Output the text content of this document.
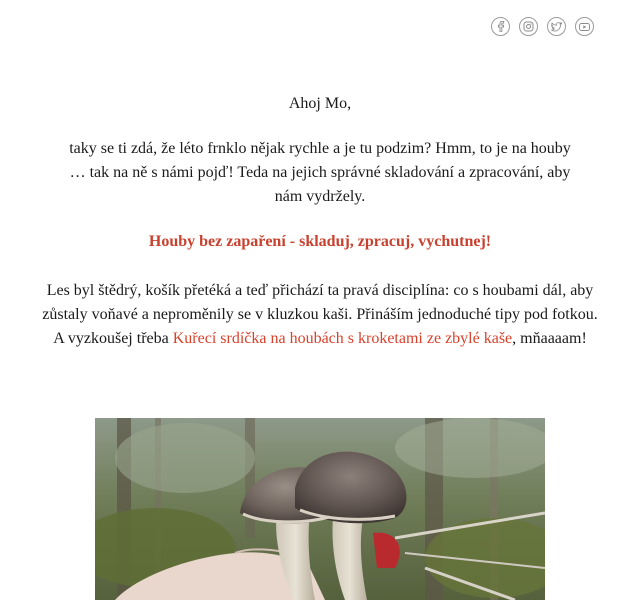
Ahoj Mo,

taky se ti zdá, že léto frnklo nějak rychle a je tu podzim? Hmm, to je na houby … tak na ně s námi pojď! Teda na jejich správné skladování a zpracování, aby nám vydržely.

Houby bez zapaření - skladuj, zpracuj, vychutnej!

Les byl štědrý, košík přetéká a teď přichází ta pravá disciplína: co s houbami dál, aby zůstaly voňavé a neproměnily se v kluzkou kaši. Přináším jednoduché tipy pod fotkou. A vyzkoušej třeba Kuřecí srdíčka na houbách s kroketami ze zbylé kaše, mňaaaam!
